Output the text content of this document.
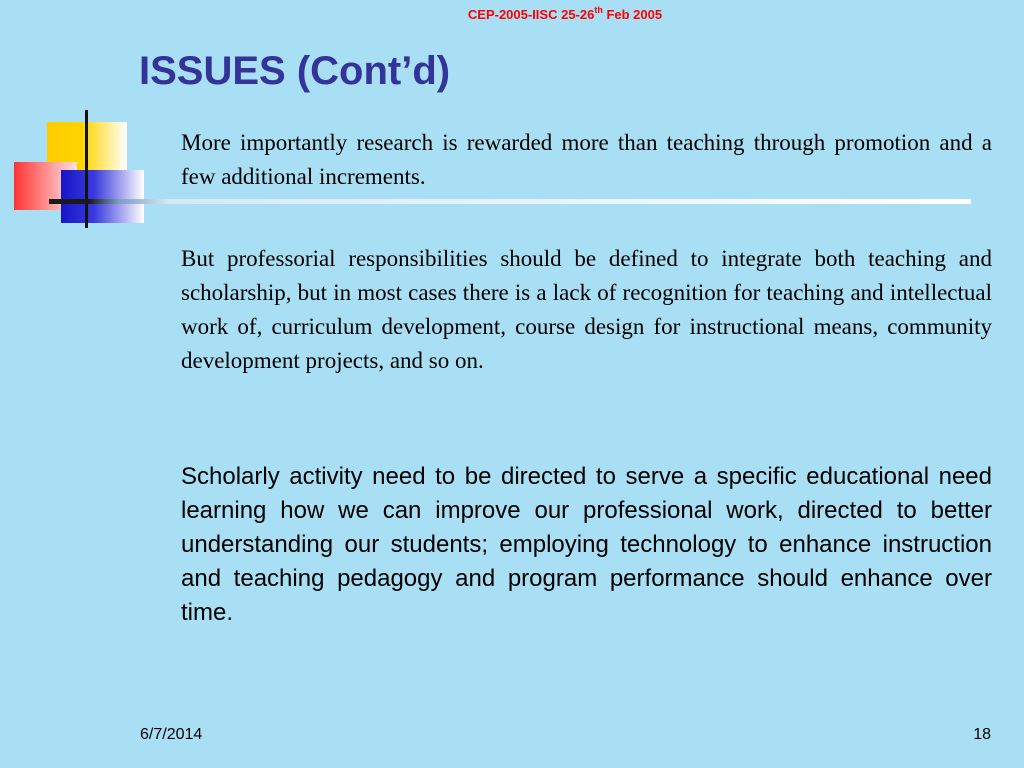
CEP-2005-IISC 25-26th Feb 2005
ISSUES (Cont’d)

More importantly research is rewarded more than teaching through promotion and a few additional increments.

But professorial responsibilities should be defined to integrate both teaching and scholarship, but in most cases there is a lack of recognition for teaching and intellectual work of, curriculum development, course design for instructional means, community development projects, and so on.

Scholarly activity need to be directed to serve a specific educational need learning how we can improve our professional work, directed to better understanding our students; employing technology to enhance instruction and teaching pedagogy and program performance should enhance over time.

6/7/2014	18
